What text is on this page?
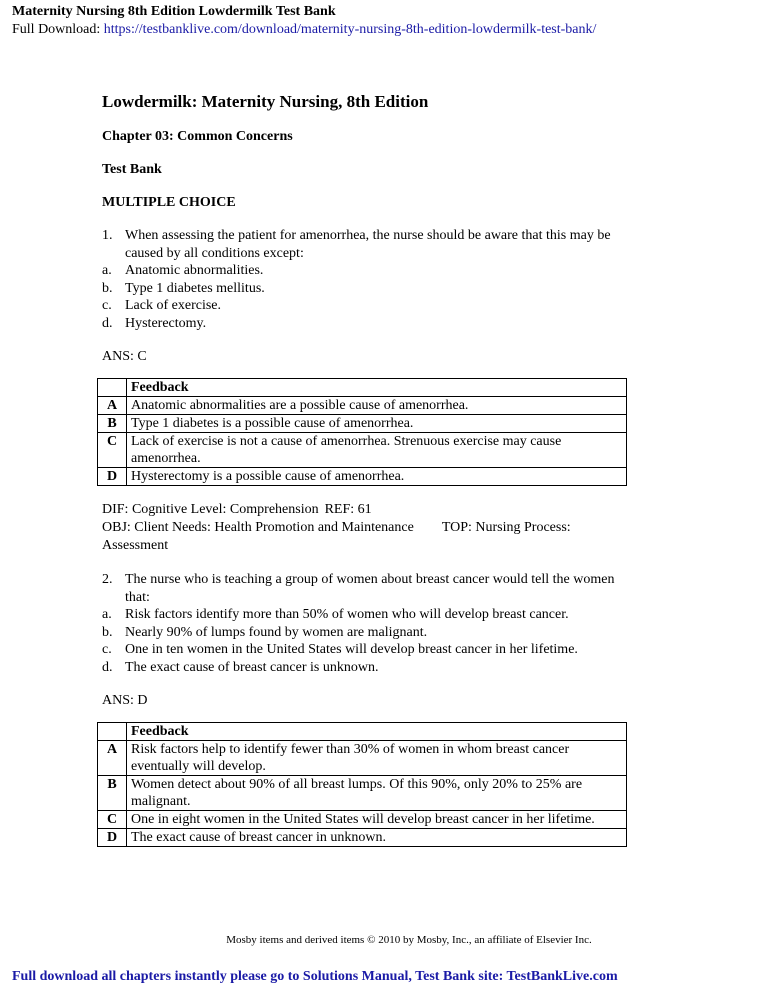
Maternity Nursing 8th Edition Lowdermilk Test Bank
Full Download: https://testbanklive.com/download/maternity-nursing-8th-edition-lowdermilk-test-bank/
Lowdermilk: Maternity Nursing, 8th Edition
Chapter 03: Common Concerns
Test Bank
MULTIPLE CHOICE
1. When assessing the patient for amenorrhea, the nurse should be aware that this may be caused by all conditions except:
a. Anatomic abnormalities.
b. Type 1 diabetes mellitus.
c. Lack of exercise.
d. Hysterectomy.
ANS: C
	Feedback
A	Anatomic abnormalities are a possible cause of amenorrhea.
B	Type 1 diabetes is a possible cause of amenorrhea.
C	Lack of exercise is not a cause of amenorrhea. Strenuous exercise may cause amenorrhea.
D	Hysterectomy is a possible cause of amenorrhea.
DIF: Cognitive Level: Comprehension REF: 61
OBJ: Client Needs: Health Promotion and Maintenance TOP: Nursing Process:
Assessment
2. The nurse who is teaching a group of women about breast cancer would tell the women that:
a. Risk factors identify more than 50% of women who will develop breast cancer.
b. Nearly 90% of lumps found by women are malignant.
c. One in ten women in the United States will develop breast cancer in her lifetime.
d. The exact cause of breast cancer is unknown.
ANS: D
	Feedback
A	Risk factors help to identify fewer than 30% of women in whom breast cancer eventually will develop.
B	Women detect about 90% of all breast lumps. Of this 90%, only 20% to 25% are malignant.
C	One in eight women in the United States will develop breast cancer in her lifetime.
D	The exact cause of breast cancer in unknown.
Mosby items and derived items © 2010 by Mosby, Inc., an affiliate of Elsevier Inc.
Full download all chapters instantly please go to Solutions Manual, Test Bank site: TestBankLive.com
